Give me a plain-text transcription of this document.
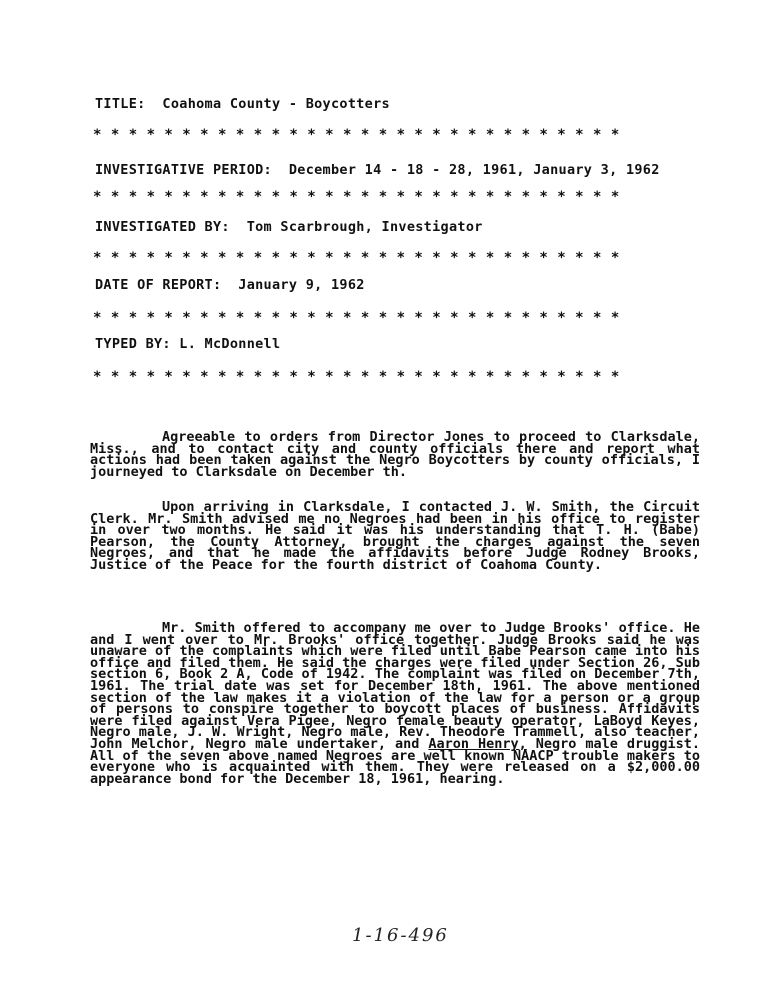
TITLE:  Coahoma County - Boycotters
* * * * * * * * * * * * * * * * * * * * * * * * * * * * * *
INVESTIGATIVE PERIOD:  December 14 - 18 - 28, 1961, January 3, 1962
* * * * * * * * * * * * * * * * * * * * * * * * * * * * * *
INVESTIGATED BY:  Tom Scarbrough, Investigator
* * * * * * * * * * * * * * * * * * * * * * * * * * * * * *
DATE OF REPORT:  January 9, 1962
* * * * * * * * * * * * * * * * * * * * * * * * * * * * * *
TYPED BY: L. McDonnell
* * * * * * * * * * * * * * * * * * * * * * * * * * * * * *

Agreeable to orders from Director Jones to proceed to Clarksdale, Miss., and to contact city and county officials there and report what actions had been taken against the Negro Boycotters by county officials, I journeyed to Clarksdale on December th.

Upon arriving in Clarksdale, I contacted J. W. Smith, the Circuit Clerk. Mr. Smith advised me no Negroes had been in his office to register in over two months. He said it was his understanding that T. H. (Babe) Pearson, the County Attorney, brought the charges against the seven Negroes, and that he made the affidavits before Judge Rodney Brooks, Justice of the Peace for the fourth district of Coahoma County.

Mr. Smith offered to accompany me over to Judge Brooks' office. He and I went over to Mr. Brooks' office together. Judge Brooks said he was unaware of the complaints which were filed until Babe Pearson came into his office and filed them. He said the charges were filed under Section 26, Sub section 6, Book 2 A, Code of 1942. The complaint was filed on December 7th, 1961. The trial date was set for December 18th, 1961. The above mentioned section of the law makes it a violation of the law for a person or a group of persons to conspire together to boycott places of business. Affidavits were filed against Vera Pigee, Negro female beauty operator, LaBoyd Keyes, Negro male, J. W. Wright, Negro male, Rev. Theodore Trammell, also teacher, John Melchor, Negro male undertaker, and Aaron Henry, Negro male druggist. All of the seven above named Negroes are well known NAACP trouble makers to everyone who is acquainted with them. They were released on a $2,000.00 appearance bond for the December 18, 1961, hearing.

1-16-496
